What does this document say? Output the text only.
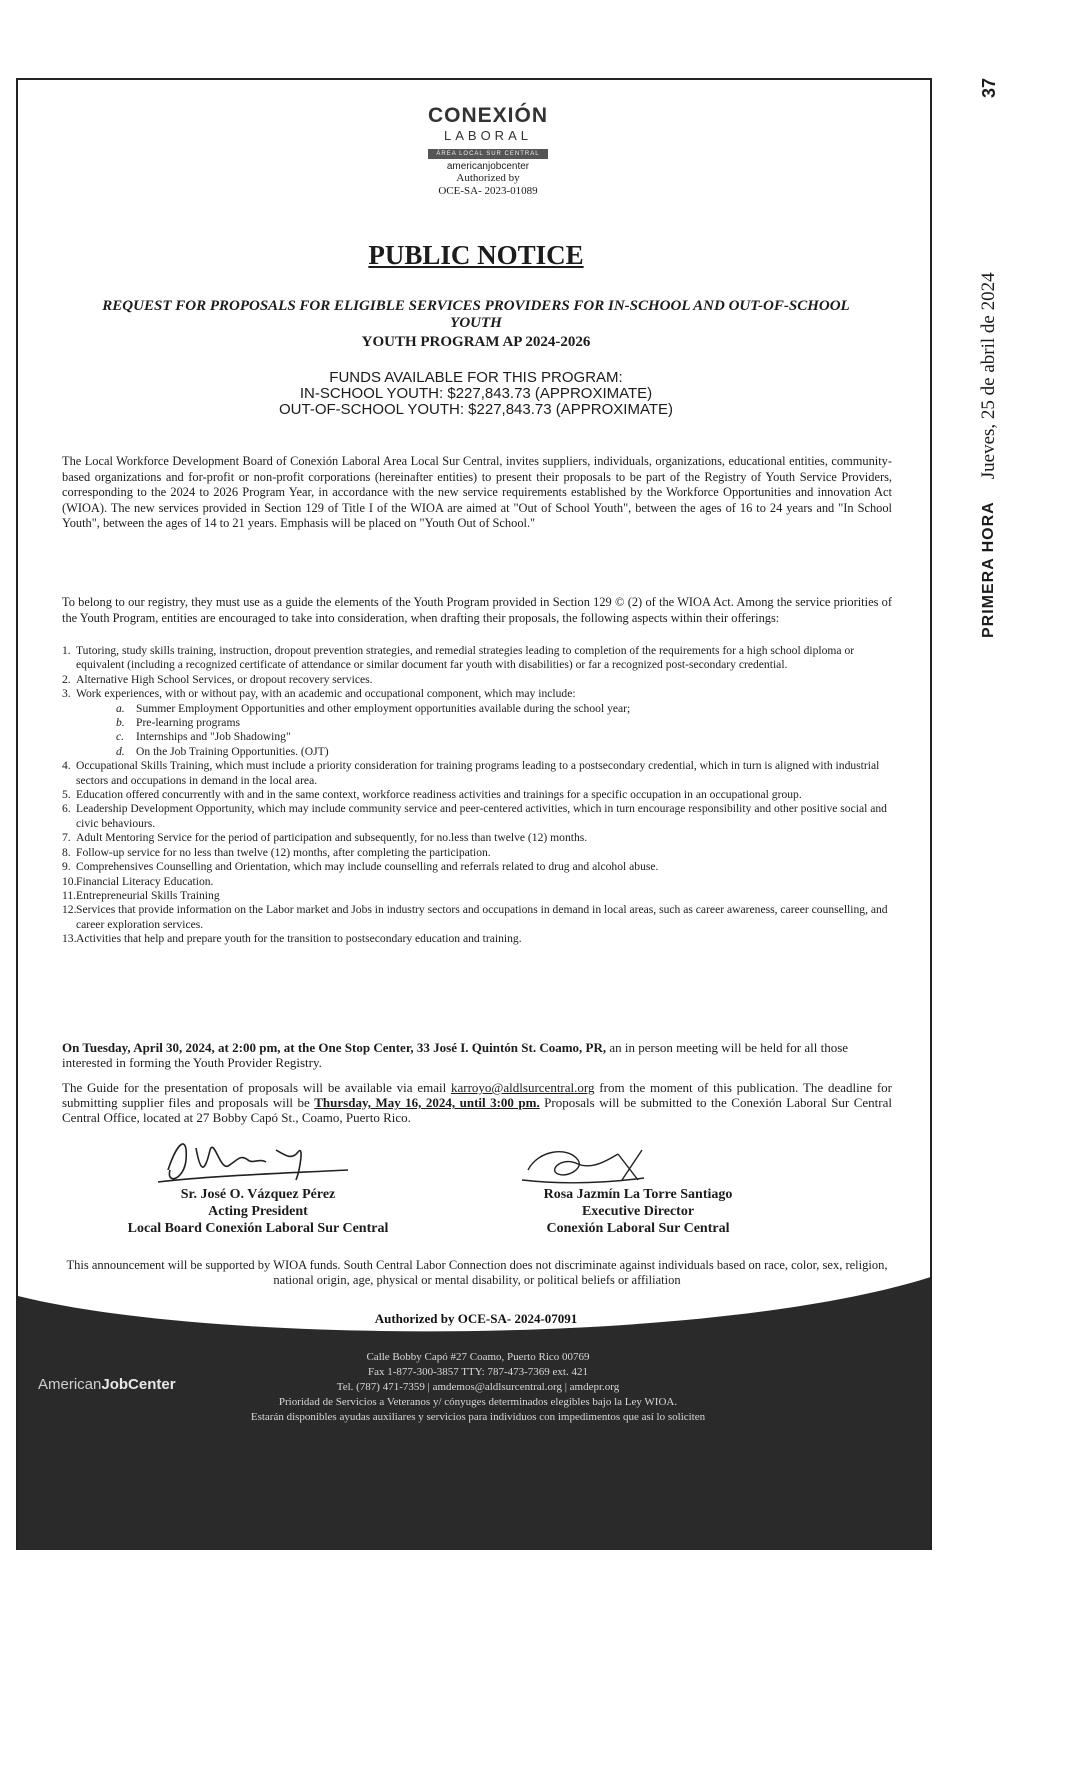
PRIMERA HORA
Jueves, 25 de abril de 2024
37
CONEXIÓN
LABORAL
ÁREA LOCAL SUR CENTRAL
americanjobcenter
Authorized by
OCE-SA- 2023-01089
PUBLIC NOTICE
REQUEST FOR PROPOSALS FOR ELIGIBLE SERVICES PROVIDERS FOR IN-SCHOOL AND OUT-OF-SCHOOL YOUTH
YOUTH PROGRAM AP 2024-2026
FUNDS AVAILABLE FOR THIS PROGRAM:
IN-SCHOOL YOUTH: $227,843.73 (APPROXIMATE)
OUT-OF-SCHOOL YOUTH: $227,843.73 (APPROXIMATE)
The Local Workforce Development Board of Conexión Laboral Area Local Sur Central, invites suppliers, individuals, organizations, educational entities, community-based organizations and for-profit or non-profit corporations (hereinafter entities) to present their proposals to be part of the Registry of Youth Service Providers, corresponding to the 2024 to 2026 Program Year, in accordance with the new service requirements established by the Workforce Opportunities and innovation Act (WIOA). The new services provided in Section 129 of Title I of the WIOA are aimed at "Out of School Youth", between the ages of 16 to 24 years and "In School Youth", between the ages of 14 to 21 years. Emphasis will be placed on "Youth Out of School."
To belong to our registry, they must use as a guide the elements of the Youth Program provided in Section 129 © (2) of the WIOA Act. Among the service priorities of the Youth Program, entities are encouraged to take into consideration, when drafting their proposals, the following aspects within their offerings:
1. Tutoring, study skills training, instruction, dropout prevention strategies, and remedial strategies leading to completion of the requirements for a high school diploma or equivalent (including a recognized certificate of attendance or similar document far youth with disabilities) or far a recognized post-secondary credential.
2. Alternative High School Services, or dropout recovery services.
3. Work experiences, with or without pay, with an academic and occupational component, which may include:
a. Summer Employment Opportunities and other employment opportunities available during the school year;
b. Pre-learning programs
c. Internships and "Job Shadowing"
d. On the Job Training Opportunities. (OJT)
4. Occupational Skills Training, which must include a priority consideration for training programs leading to a postsecondary credential, which in turn is aligned with industrial sectors and occupations in demand in the local area.
5. Education offered concurrently with and in the same context, workforce readiness activities and trainings for a specific occupation in an occupational group.
6. Leadership Development Opportunity, which may include community service and peer-centered activities, which in turn encourage responsibility and other positive social and civic behaviours.
7. Adult Mentoring Service for the period of participation and subsequently, for no.less than twelve (12) months.
8. Follow-up service for no less than twelve (12) months, after completing the participation.
9. Comprehensives Counselling and Orientation, which may include counselling and referrals related to drug and alcohol abuse.
10. Financial Literacy Education.
11. Entrepreneurial Skills Training
12. Services that provide information on the Labor market and Jobs in industry sectors and occupations in demand in local areas, such as career awareness, career counselling, and career exploration services.
13. Activities that help and prepare youth for the transition to postsecondary education and training.
On Tuesday, April 30, 2024, at 2:00 pm, at the One Stop Center, 33 José I. Quintón St. Coamo, PR, an in person meeting will be held for all those interested in forming the Youth Provider Registry.
The Guide for the presentation of proposals will be available via email karroyo@aldlsurcentral.org from the moment of this publication. The deadline for submitting supplier files and proposals will be Thursday, May 16, 2024, until 3:00 pm. Proposals will be submitted to the Conexión Laboral Sur Central Central Office, located at 27 Bobby Capó St., Coamo, Puerto Rico.
Sr. José O. Vázquez Pérez
Acting President
Local Board Conexión Laboral Sur Central
Rosa Jazmín La Torre Santiago
Executive Director
Conexión Laboral Sur Central
This announcement will be supported by WIOA funds. South Central Labor Connection does not discriminate against individuals based on race, color, sex, religion, national origin, age, physical or mental disability, or political beliefs or affiliation
Authorized by OCE-SA- 2024-07091
AmericanJobCenter
Calle Bobby Capó #27 Coamo, Puerto Rico 00769
Fax 1-877-300-3857 TTY: 787-473-7369 ext. 421
Tel. (787) 471-7359 | amdemos@aldlsurcentral.org | amdepr.org
Prioridad de Servicios a Veteranos y/ cónyuges determinados elegibles bajo la Ley WIOA.
Estarán disponibles ayudas auxiliares y servicios para individuos con impedimentos que así lo soliciten
